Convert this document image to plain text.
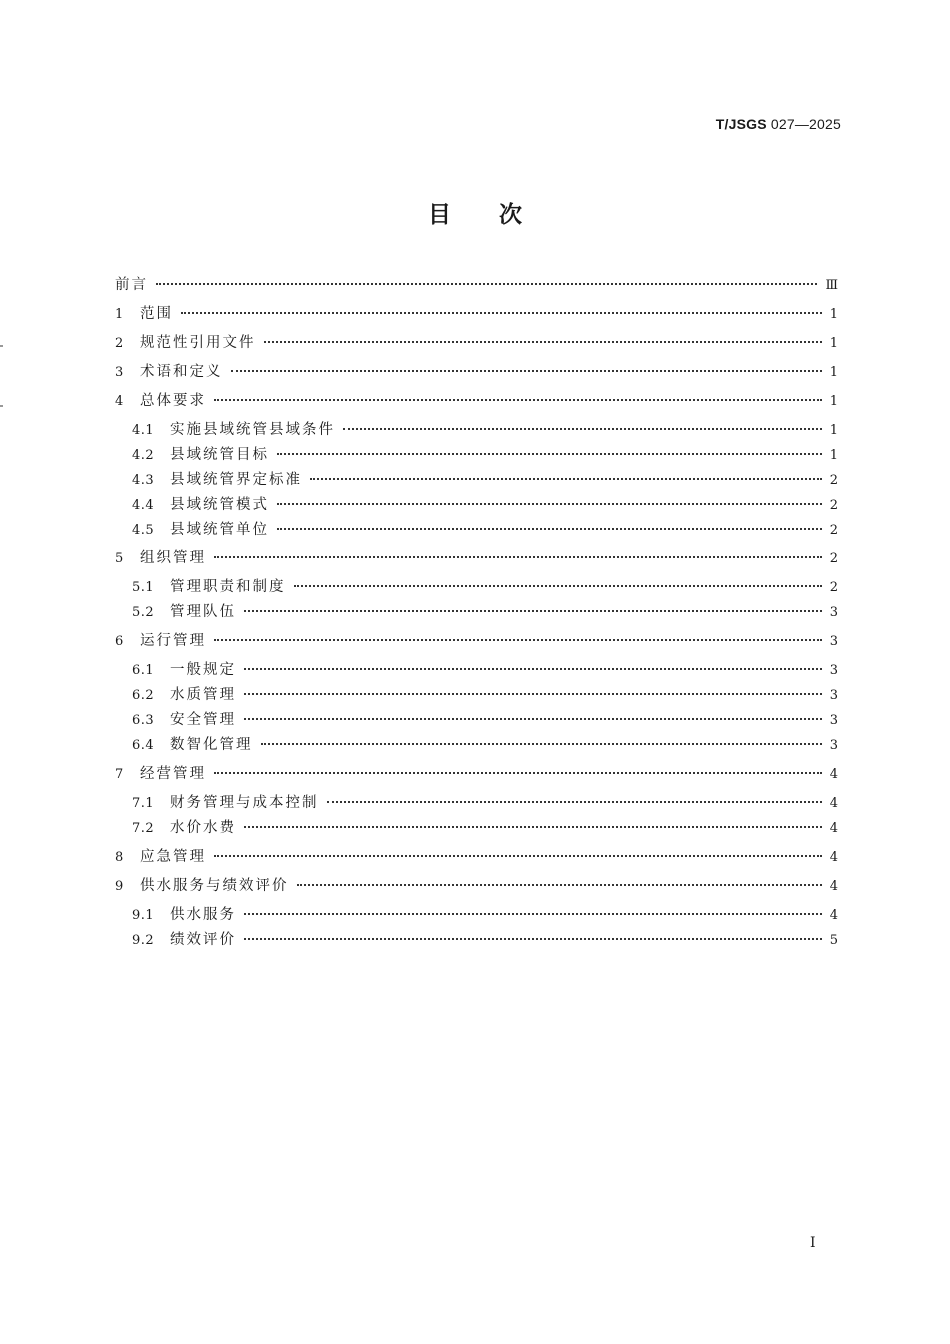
T/JSGS 027—2025
目次
前言	Ⅲ
1	范围	1
2	规范性引用文件	1
3	术语和定义	1
4	总体要求	1
4.1	实施县域统管县域条件	1
4.2	县域统管目标	1
4.3	县域统管界定标准	2
4.4	县域统管模式	2
4.5	县域统管单位	2
5	组织管理	2
5.1	管理职责和制度	2
5.2	管理队伍	3
6	运行管理	3
6.1	一般规定	3
6.2	水质管理	3
6.3	安全管理	3
6.4	数智化管理	3
7	经营管理	4
7.1	财务管理与成本控制	4
7.2	水价水费	4
8	应急管理	4
9	供水服务与绩效评价	4
9.1	供水服务	4
9.2	绩效评价	5
I
